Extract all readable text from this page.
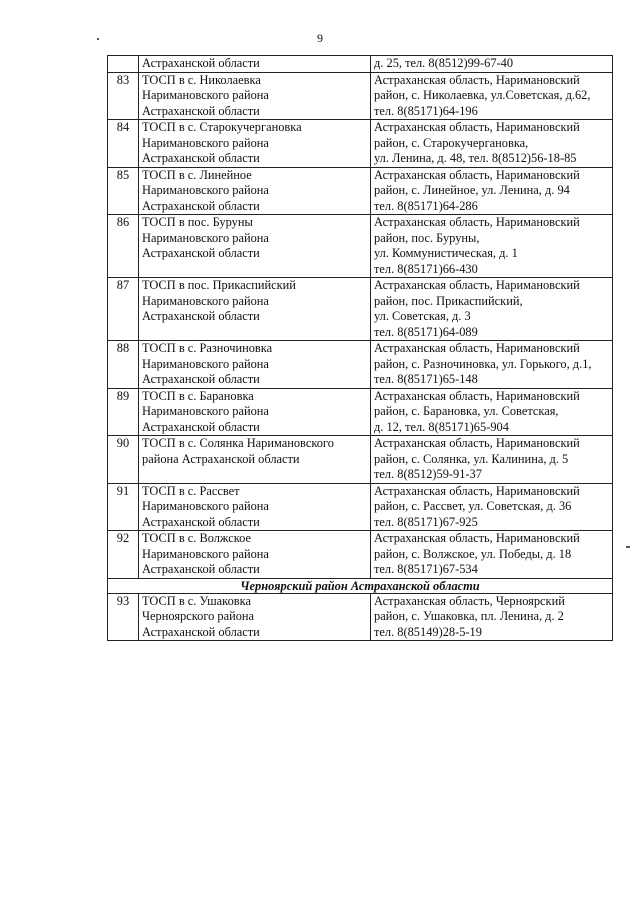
9

	Астраханской области	д. 25, тел. 8(8512)99-67-40

83	ТОСП в с. Николаевка
Наримановского района
Астраханской области	Астраханская область, Наримановский
район, с. Николаевка, ул.Советская, д.62,
тел. 8(85171)64-196

84	ТОСП в с. Старокучергановка
Наримановского района
Астраханской области	Астраханская область, Наримановский
район, с. Старокучергановка,
ул. Ленина, д. 48, тел. 8(8512)56-18-85

85	ТОСП в с. Линейное
Наримановского района
Астраханской области	Астраханская область, Наримановский
район, с. Линейное, ул. Ленина, д. 94
тел. 8(85171)64-286

86	ТОСП в пос. Буруны
Наримановского района
Астраханской области	Астраханская область, Наримановский
район, пос. Буруны,
ул. Коммунистическая, д. 1
тел. 8(85171)66-430

87	ТОСП в пос. Прикаспийский
Наримановского района
Астраханской области	Астраханская область, Наримановский
район, пос. Прикаспийский,
ул. Советская, д. 3
тел. 8(85171)64-089

88	ТОСП в с. Разночиновка
Наримановского района
Астраханской области	Астраханская область, Наримановский
район, с. Разночиновка, ул. Горького, д.1,
тел. 8(85171)65-148

89	ТОСП в с. Барановка
Наримановского района
Астраханской области	Астраханская область, Наримановский
район, с. Барановка, ул. Советская,
д. 12, тел. 8(85171)65-904

90	ТОСП в с. Солянка Наримановского
района Астраханской области	Астраханская область, Наримановский
район, с. Солянка, ул. Калинина, д. 5
тел. 8(8512)59-91-37

91	ТОСП в с. Рассвет
Наримановского района
Астраханской области	Астраханская область, Наримановский
район, с. Рассвет, ул. Советская, д. 36
тел. 8(85171)67-925

92	ТОСП в с. Волжское
Наримановского района
Астраханской области	Астраханская область, Наримановский
район, с. Волжское, ул. Победы, д. 18
тел. 8(85171)67-534

Черноярский район Астраханской области		
93	ТОСП в с. Ушаковка
Черноярского района
Астраханской области	Астраханская область, Черноярский
район, с. Ушаковка, пл. Ленина, д. 2
тел. 8(85149)28-5-19
